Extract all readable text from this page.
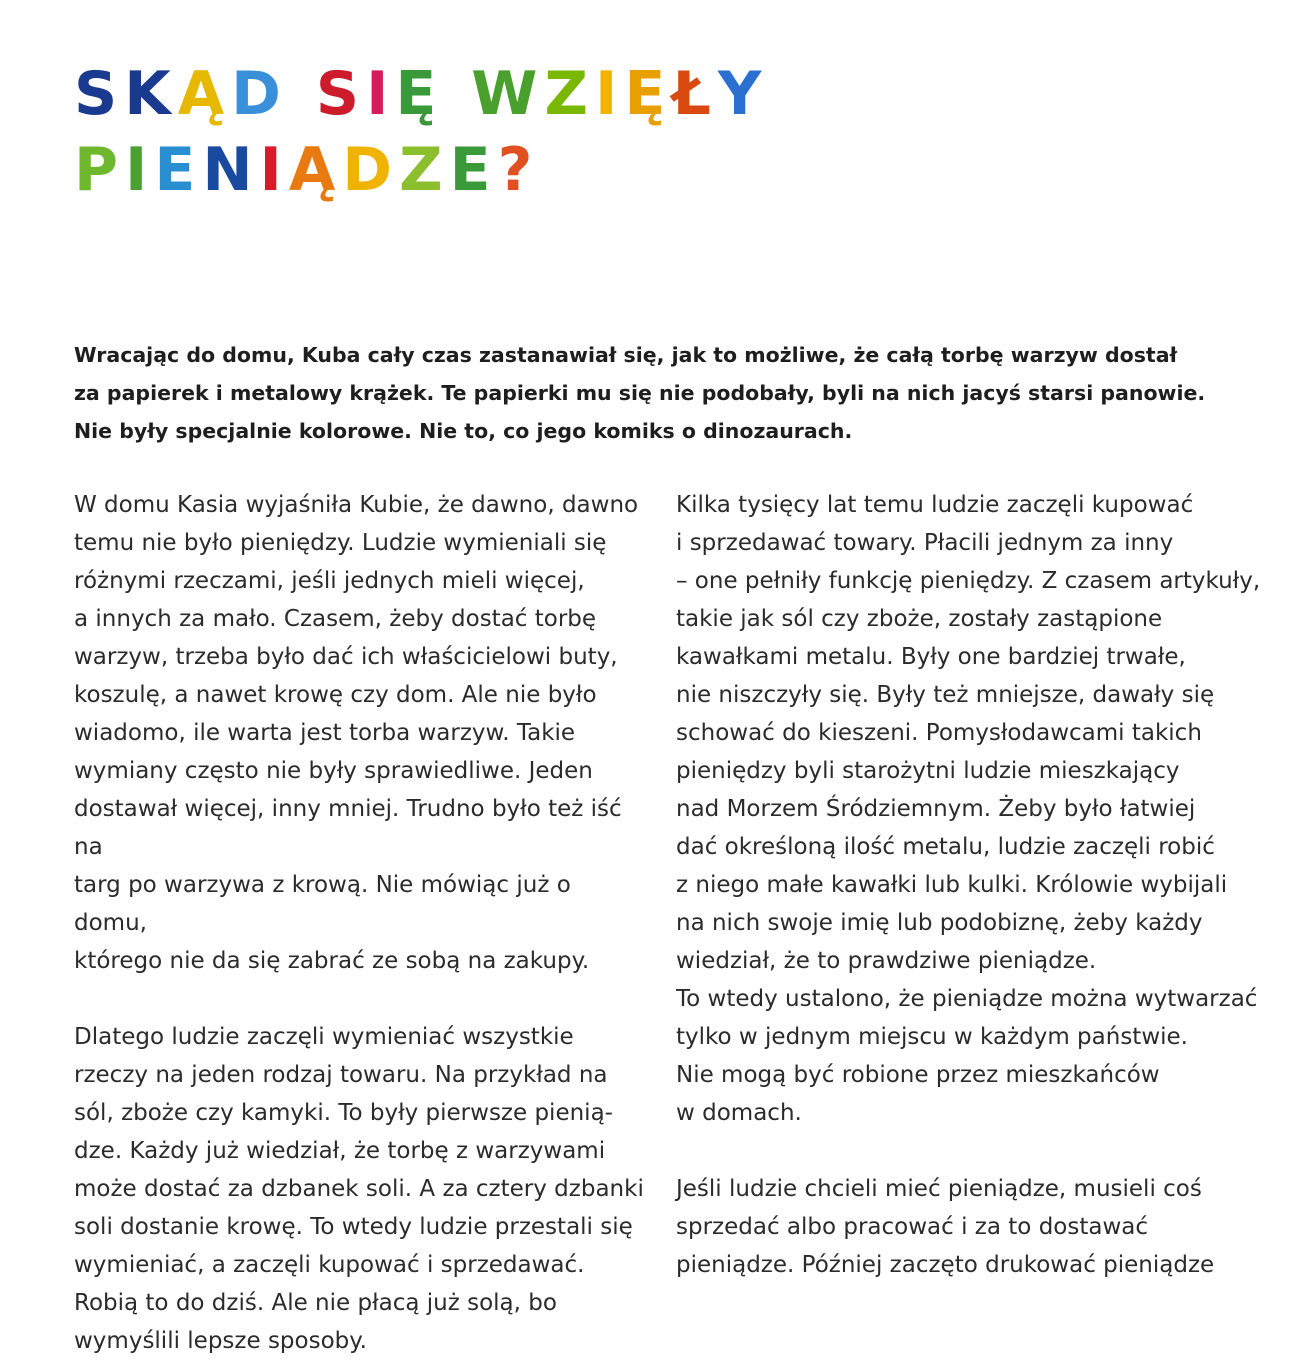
SKĄD SIĘ WZIĘŁY
PIENIĄDZE?

Wracając do domu, Kuba cały czas zastanawiał się, jak to możliwe, że całą torbę warzyw dostał
za papierek i metalowy krążek. Te papierki mu się nie podobały, byli na nich jacyś starsi panowie.
Nie były specjalnie kolorowe. Nie to, co jego komiks o dinozaurach.

W domu Kasia wyjaśniła Kubie, że dawno, dawno
temu nie było pieniędzy. Ludzie wymieniali się
różnymi rzeczami, jeśli jednych mieli więcej,
a innych za mało. Czasem, żeby dostać torbę
warzyw, trzeba było dać ich właścicielowi buty,
koszulę, a nawet krowę czy dom. Ale nie było
wiadomo, ile warta jest torba warzyw. Takie
wymiany często nie były sprawiedliwe. Jeden
dostawał więcej, inny mniej. Trudno było też iść na
targ po warzywa z krową. Nie mówiąc już o domu,
którego nie da się zabrać ze sobą na zakupy.

Dlatego ludzie zaczęli wymieniać wszystkie
rzeczy na jeden rodzaj towaru. Na przykład na
sól, zboże czy kamyki. To były pierwsze pienią-
dze. Każdy już wiedział, że torbę z warzywami
może dostać za dzbanek soli. A za cztery dzbanki
soli dostanie krowę. To wtedy ludzie przestali się
wymieniać, a zaczęli kupować i sprzedawać.
Robią to do dziś. Ale nie płacą już solą, bo
wymyślili lepsze sposoby.

Kilka tysięcy lat temu ludzie zaczęli kupować
i sprzedawać towary. Płacili jednym za inny
– one pełniły funkcję pieniędzy. Z czasem artykuły,
takie jak sól czy zboże, zostały zastąpione
kawałkami metalu. Były one bardziej trwałe,
nie niszczyły się. Były też mniejsze, dawały się
schować do kieszeni. Pomysłodawcami takich
pieniędzy byli starożytni ludzie mieszkający
nad Morzem Śródziemnym. Żeby było łatwiej
dać określoną ilość metalu, ludzie zaczęli robić
z niego małe kawałki lub kulki. Królowie wybijali
na nich swoje imię lub podobiznę, żeby każdy
wiedział, że to prawdziwe pieniądze.
To wtedy ustalono, że pieniądze można wytwarzać
tylko w jednym miejscu w każdym państwie.
Nie mogą być robione przez mieszkańców
w domach.

Jeśli ludzie chcieli mieć pieniądze, musieli coś
sprzedać albo pracować i za to dostawać
pieniądze. Później zaczęto drukować pieniądze
